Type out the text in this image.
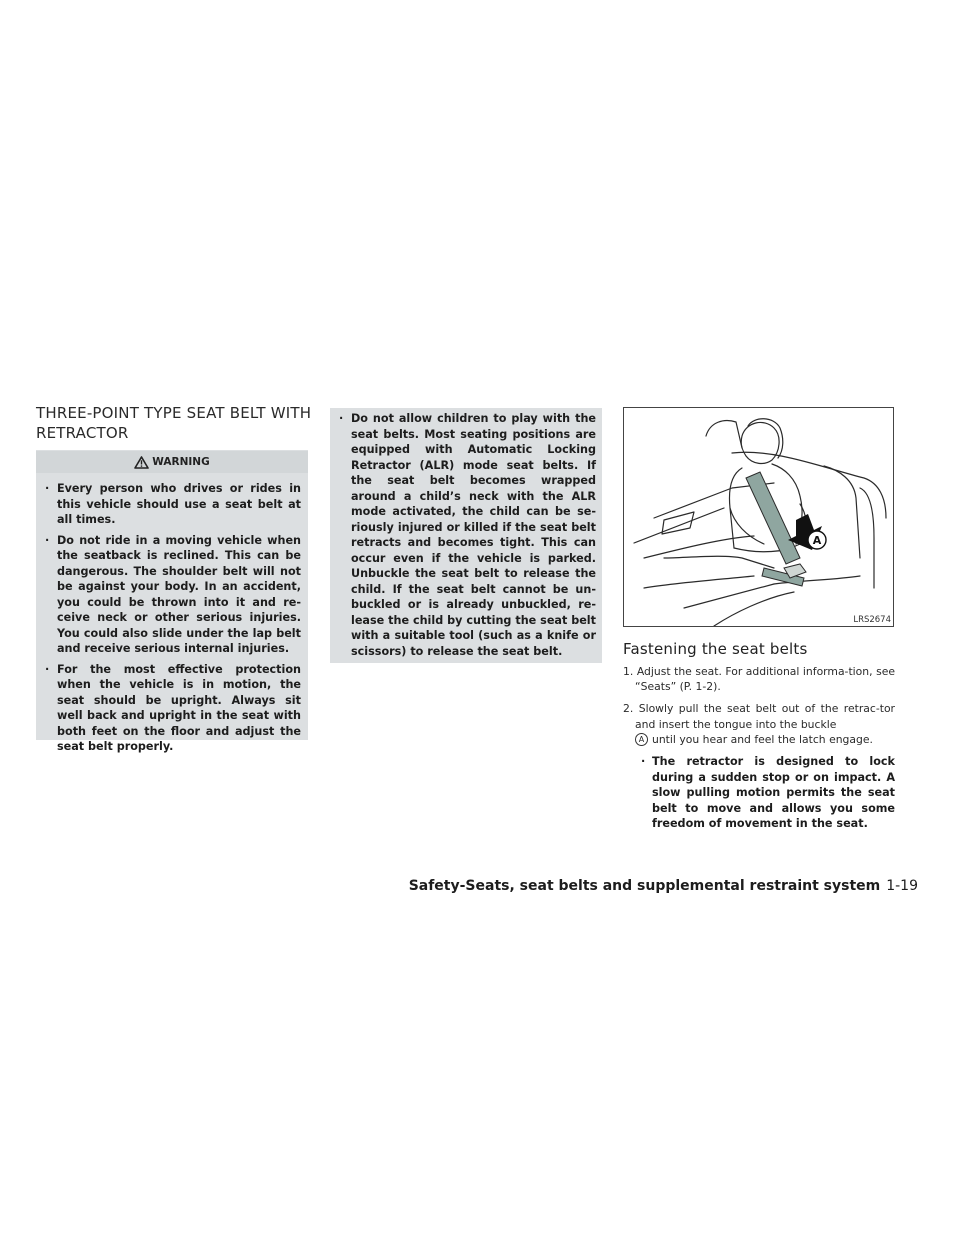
THREE-POINT TYPE SEAT BELT WITH RETRACTOR
WARNING
· Every person who drives or rides in this vehicle should use a seat belt at all times.
· Do not ride in a moving vehicle when the seatback is reclined. This can be dangerous. The shoulder belt will not be against your body. In an accident, you could be thrown into it and re-ceive neck or other serious injuries. You could also slide under the lap belt and receive serious internal injuries.
· For the most effective protection when the vehicle is in motion, the seat should be upright. Always sit well back and upright in the seat with both feet on the floor and adjust the seat belt properly.
· Do not allow children to play with the seat belts. Most seating positions are equipped with Automatic Locking Retractor (ALR) mode seat belts. If the seat belt becomes wrapped around a child’s neck with the ALR mode activated, the child can be se-riously injured or killed if the seat belt retracts and becomes tight. This can occur even if the vehicle is parked. Unbuckle the seat belt to release the child. If the seat belt cannot be un-buckled or is already unbuckled, re-lease the child by cutting the seat belt with a suitable tool (such as a knife or scissors) to release the seat belt.
A
LRS2674
Fastening the seat belts
1. Adjust the seat. For additional informa-tion, see “Seats” (P. 1-2).
2. Slowly pull the seat belt out of the retrac-tor and insert the tongue into the buckle
A until you hear and feel the latch engage.
· The retractor is designed to lock during a sudden stop or on impact. A slow pulling motion permits the seat belt to move and allows you some freedom of movement in the seat.
Safety-Seats, seat belts and supplemental restraint system 1-19
